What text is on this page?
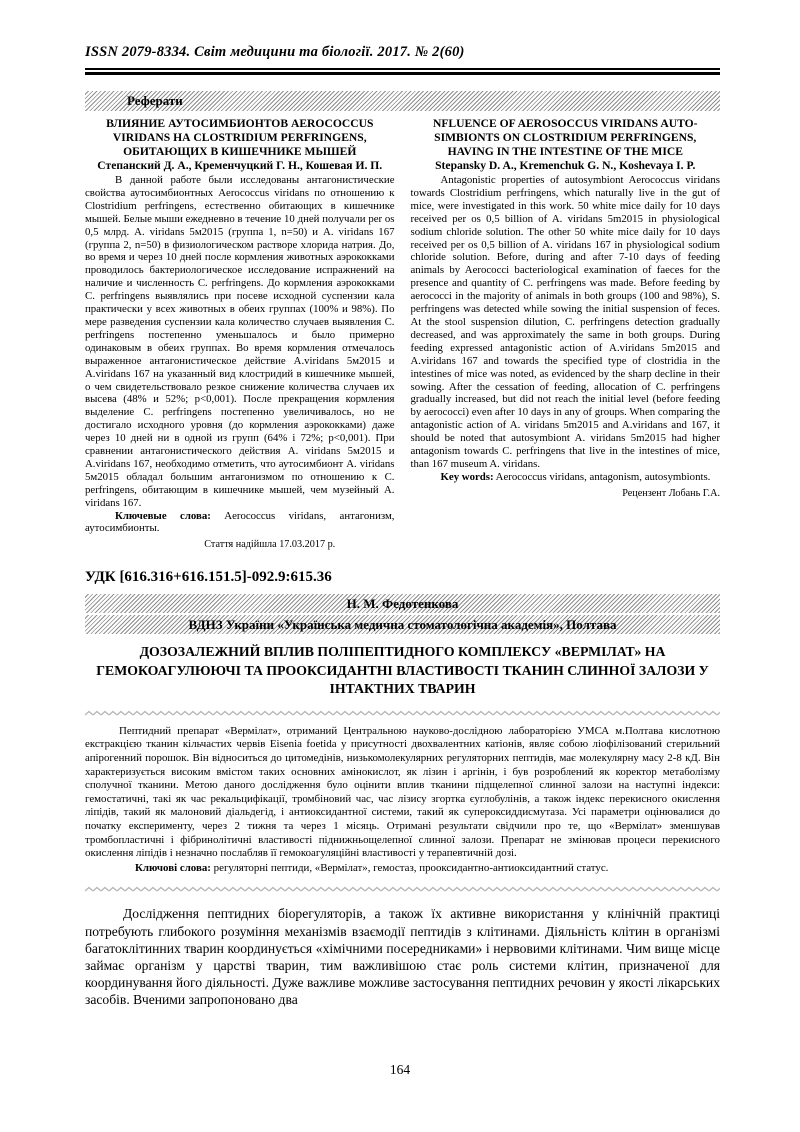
ISSN 2079-8334. Світ медицини та біології. 2017. № 2(60)
Реферати
ВЛИЯНИЕ АУТОСИМБИОНТОВ AEROCOCCUS VIRIDANS НА CLOSTRIDIUM PERFRINGENS, ОБИТАЮЩИХ В КИШЕЧНИКЕ МЫШЕЙ
Степанский Д. А., Кременчуцкий Г. Н., Кошевая И. П.
В данной работе были исследованы антагонистические свойства аутосимбионтных Aerococcus viridans по отношению к Clostridium perfringens, естественно обитающих в кишечнике мышей. Белые мыши ежедневно в течение 10 дней получали per os 0,5 млрд. A. viridans 5м2015 (группа 1, n=50) и A. viridans 167 (группа 2, n=50) в физиологическом растворе хлорида натрия. До, во время и через 10 дней после кормления животных аэрококками проводилось бактериологическое исследование испражнений на наличие и численность C. perfringens. До кормления аэрококками C. perfringens выявлялись при посеве исходной суспензии кала практически у всех животных в обеих группах (100% и 98%). По мере разведения суспензии кала количество случаев выявления C. perfringens постепенно уменьшалось и было примерно одинаковым в обеих группах. Во время кормления отмечалось выраженное антагонистическое действие A.viridans 5м2015 и A.viridans 167 на указанный вид клостридий в кишечнике мышей, о чем свидетельствовало резкое снижение количества случаев их высева (48% и 52%; p<0,001). После прекращения кормления выделение C. perfringens постепенно увеличивалось, но не достигало исходного уровня (до кормления аэрококками) даже через 10 дней ни в одной из групп (64% і 72%; p<0,001). При сравнении антагонистического действия A. viridans 5м2015 и A.viridans 167, необходимо отметить, что аутосимбионт A. viridans 5м2015 обладал большим антагонизмом по отношению к C. perfringens, обитающим в кишечнике мышей, чем музейный A. viridans 167.
Ключевые слова: Aerococcus viridans, антагонизм, аутосимбионты.
Стаття надійшла 17.03.2017 р.
NFLUENCE OF AEROSOCCUS VIRIDANS AUTO-SIMBIONTS ON CLOSTRIDIUM PERFRINGENS, HAVING IN THE INTESTINE OF THE MICE
Stepansky D. A., Kremenchuk G. N., Koshevaya I. P.
Antagonistic properties of autosymbiont Aerococcus viridans towards Clostridium perfringens, which naturally live in the gut of mice, were investigated in this work. 50 white mice daily for 10 days received per os 0,5 billion of A. viridans 5m2015 in physiological sodium chloride solution. The other 50 white mice daily for 10 days received per os 0,5 billion of A. viridans 167 in physiological sodium chloride solution. Before, during and after 7-10 days of feeding animals by Aerococci bacteriological examination of faeces for the presence and quantity of C. perfringens was made. Before feeding by aerococci in the majority of animals in both groups (100 and 98%), S. perfringens was detected while sowing the initial suspension of feces. At the stool suspension dilution, C. perfringens detection gradually decreased, and was approximately the same in both groups. During feeding expressed antagonistic action of A.viridans 5m2015 and A.viridans 167 and towards the specified type of clostridia in the intestines of mice was noted, as evidenced by the sharp decline in their sowing. After the cessation of feeding, allocation of C. perfringens gradually increased, but did not reach the initial level (before feeding by aerococci) even after 10 days in any of groups. When comparing the antagonistic action of A. viridans 5m2015 and A.viridans and 167, it should be noted that autosymbiont A. viridans 5m2015 had higher antagonism towards C. perfringens that live in the intestines of mice, than 167 museum A. viridans.
Key words: Aerococcus viridans, antagonism, autosymbionts.
Рецензент Лобань Г.А.
УДК [616.316+616.151.5]-092.9:615.36
Н. М. Федотенкова
ВДНЗ України «Українська медична стоматологічна академія», Полтава
ДОЗОЗАЛЕЖНИЙ ВПЛИВ ПОЛІПЕПТИДНОГО КОМПЛЕКСУ «ВЕРМІЛАТ» НА ГЕМОКОАГУЛЮЮЧІ ТА ПРООКСИДАНТНІ ВЛАСТИВОСТІ ТКАНИН СЛИННОЇ ЗАЛОЗИ У ІНТАКТНИХ ТВАРИН
Пептидний препарат «Вермілат», отриманий Центральною науково-дослідною лабораторією УМСА м.Полтава кислотною екстракцією тканин кільчастих червів Eisenia foetida у присутності двохвалентних катіонів, являє собою ліофілізований стерильний апірогенний порошок. Він відноситься до цитомедінів, низькомолекулярних регуляторних пептидів, має молекулярну масу 2-8 кД. Він характеризується високим вмістом таких основних амінокислот, як лізин і аргінін, і був розроблений як коректор метаболізму сполучної тканини. Метою даного дослідження було оцінити вплив тканини підщелепної слинної залози на наступні індекси: гемостатичні, такі як час рекальцифікації, тромбіновий час, час лізису згортка єуглобулінів, а також індекс перекисного окислення ліпідів, такий як малоновий діальдегід, і антиоксидантної системи, такий як супероксиддисмутаза. Усі параметри оцінювалися до початку експерименту, через 2 тижня та через 1 місяць. Отримані результати свідчили про те, що «Вермілат» зменшував тромбопластичні і фібринолітичні властивості піднижньощелепної слинної залози. Препарат не змінював процеси перекисного окислення ліпідів і незначно послабляв її гемокоагуляційні властивості у терапевтичній дозі.
Ключові слова: регуляторні пептиди, «Вермілат», гемостаз, прооксидантно-антиоксидантний статус.
Дослідження пептидних біорегуляторів, а також їх активне використання у клінічній практиці потребують глибокого розуміння механізмів взаємодії пептидів з клітинами. Діяльність клітин в організмі багатоклітинних тварин координується «хімічними посередниками» і нервовими клітинами. Чим вище місце займає організм у царстві тварин, тим важливішою стає роль системи клітин, призначеної для координування його діяльності. Дуже важливе можливе застосування пептидних речовин у якості лікарських засобів. Вченими запропоновано два
164
